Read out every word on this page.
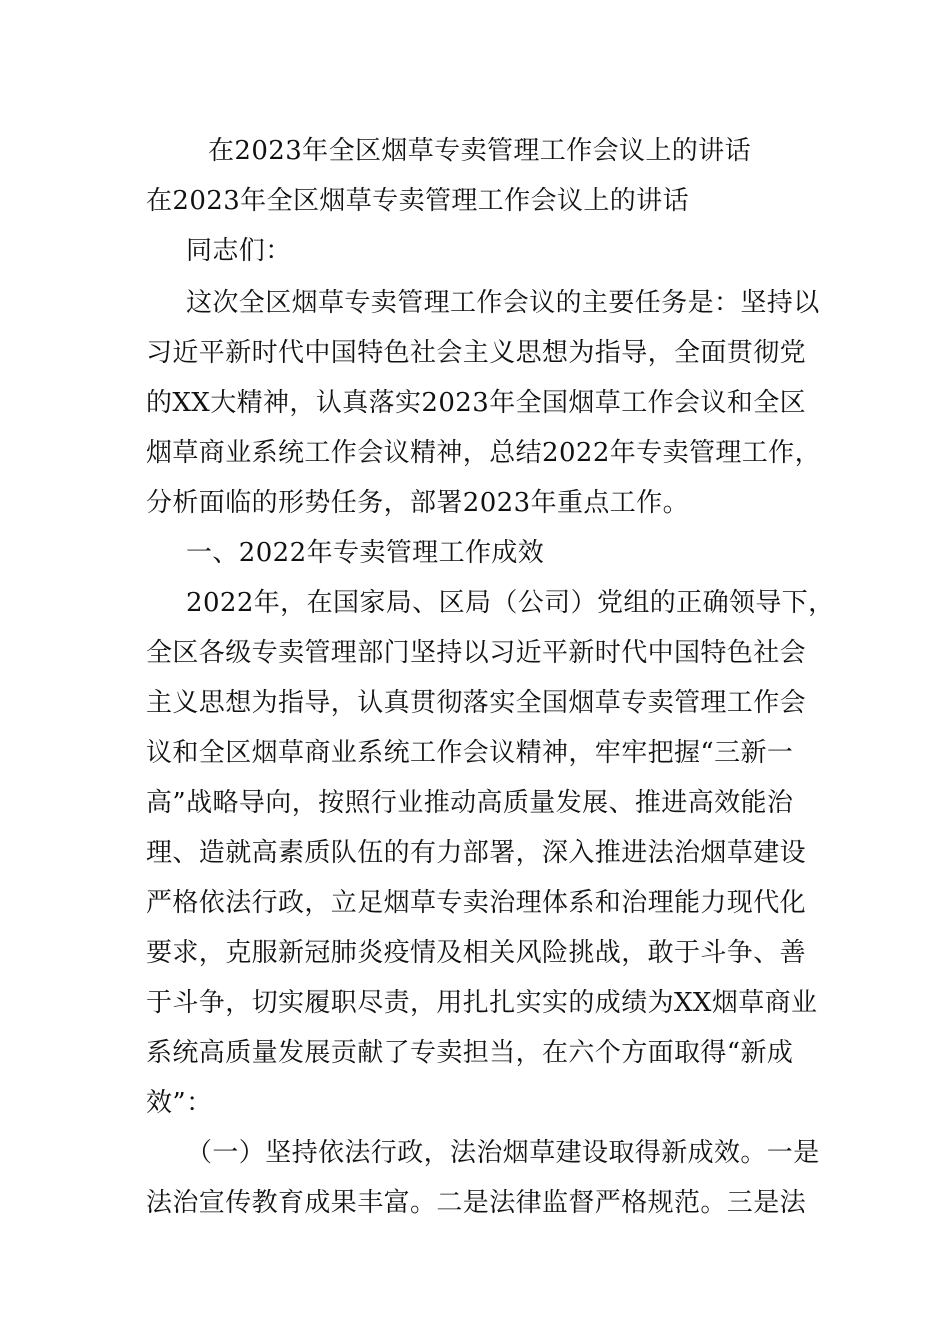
在2023年全区烟草专卖管理工作会议上的讲话
在2023年全区烟草专卖管理工作会议上的讲话
同志们：
这次全区烟草专卖管理工作会议的主要任务是：坚持以
习近平新时代中国特色社会主义思想为指导，全面贯彻党
的XX大精神，认真落实2023年全国烟草工作会议和全区
烟草商业系统工作会议精神，总结2022年专卖管理工作，
分析面临的形势任务，部署2023年重点工作。
一、2022年专卖管理工作成效
2022年，在国家局、区局（公司）党组的正确领导下，
全区各级专卖管理部门坚持以习近平新时代中国特色社会
主义思想为指导，认真贯彻落实全国烟草专卖管理工作会
议和全区烟草商业系统工作会议精神，牢牢把握“三新一
高”战略导向，按照行业推动高质量发展、推进高效能治
理、造就高素质队伍的有力部署，深入推进法治烟草建设
严格依法行政，立足烟草专卖治理体系和治理能力现代化
要求，克服新冠肺炎疫情及相关风险挑战，敢于斗争、善
于斗争，切实履职尽责，用扎扎实实的成绩为XX烟草商业
系统高质量发展贡献了专卖担当，在六个方面取得“新成
效”：
（一）坚持依法行政，法治烟草建设取得新成效。一是
法治宣传教育成果丰富。二是法律监督严格规范。三是法
